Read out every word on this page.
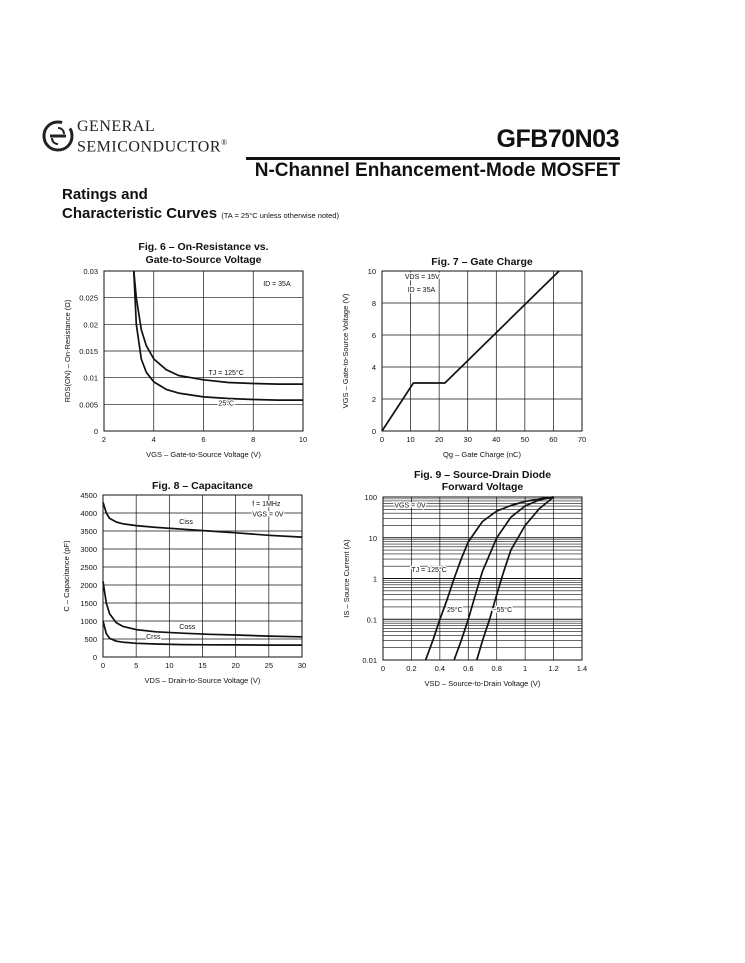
GENERAL
SEMICONDUCTOR®	GFB70N03
N-Channel Enhancement-Mode MOSFET
Ratings and
Characteristic Curves (TA = 25°C unless otherwise noted)
Fig. 6 – On-Resistance vs.
Gate-to-Source Voltage
2	4	6	8	10
0
0.005
0.01
0.015
0.02
0.025
0.03
VGS – Gate-to-Source Voltage (V)
RDS(ON) – On-Resistance (Ω)
ID = 35A
TJ = 125°C
25°C
Fig. 7 – Gate Charge
0	10	20	30	40	50	60	70
0
2
4
6
8
10
Qg – Gate Charge (nC)
VGS – Gate-to-Source Voltage (V)
VDS = 15V
ID = 35A
Fig. 8 – Capacitance
0	5	10	15	20	25	30
0
500
1000
1500
2000
2500
3000
3500
4000
4500
VDS – Drain-to-Source Voltage (V)
C – Capacitance (pF)
f = 1MHz
VGS = 0V
Ciss
Coss
Crss
Fig. 9 – Source-Drain Diode
Forward Voltage
0	0.2 0.4 0.6 0.8	1	1.2 1.4
0.01
0.1
1
10
100
VSD – Source-to-Drain Voltage (V)
IS – Source Current (A)
VGS = 0V
TJ = 125°C
25°C	−55°C
